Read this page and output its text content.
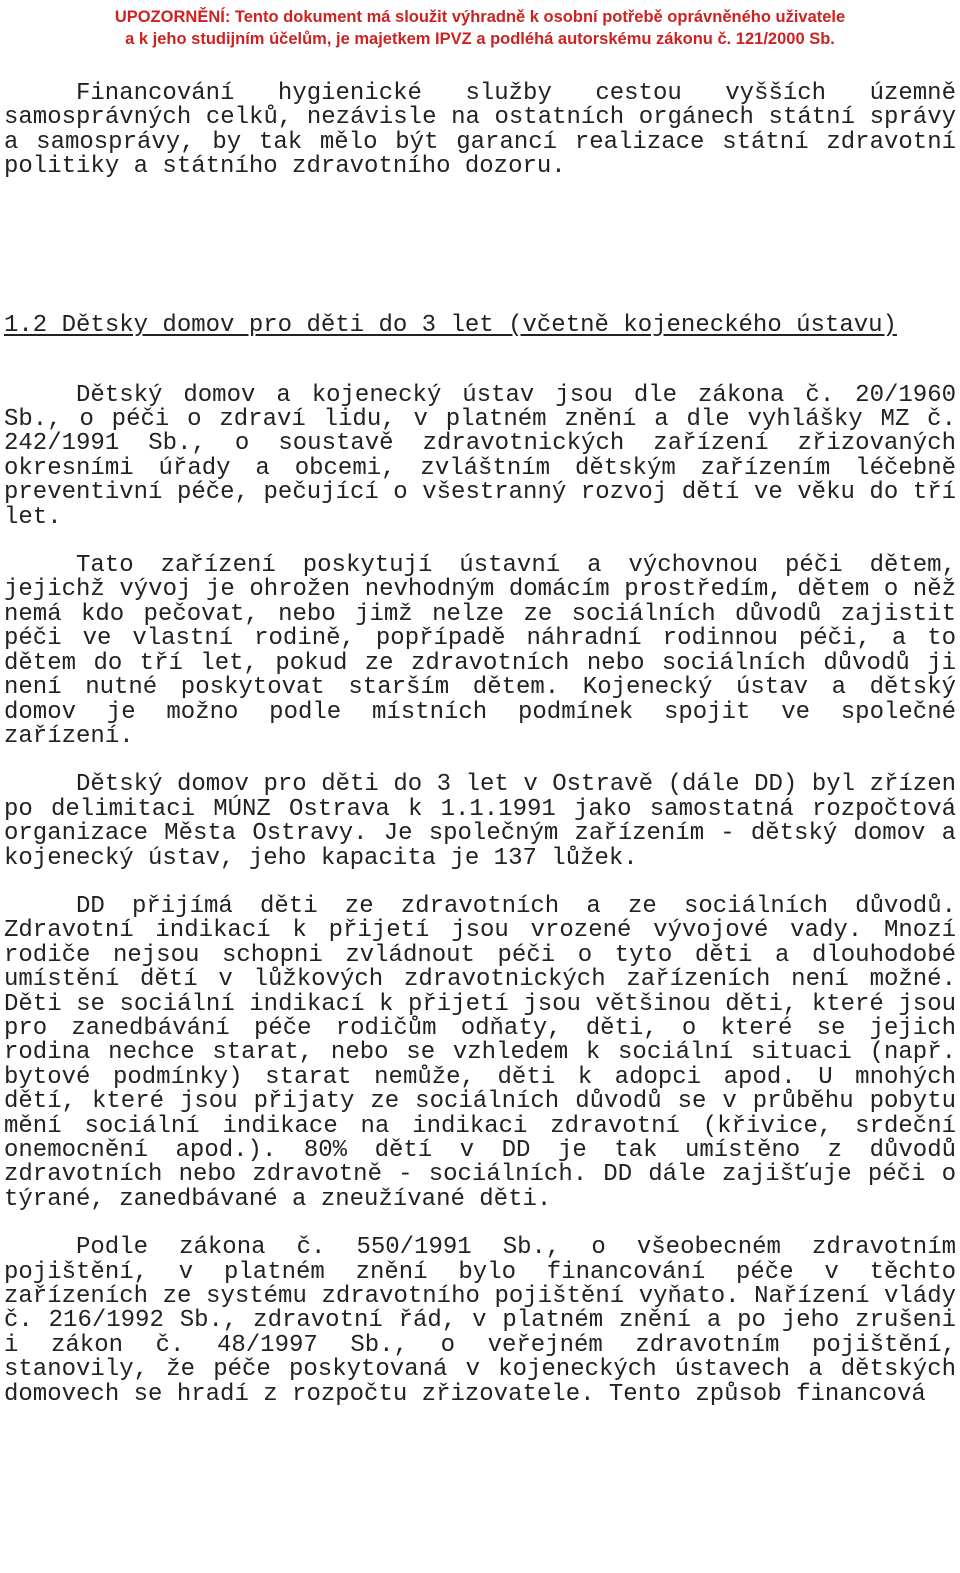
UPOZORNĚNÍ: Tento dokument má sloužit výhradně k osobní potřebě oprávněného uživatele
a k jeho studijním účelům, je majetkem IPVZ a podléhá autorskému zákonu č. 121/2000 Sb.

Financování hygienické služby cestou vyšších územně samosprávných celků, nezávisle na ostatních orgánech státní správy a samosprávy, by tak mělo být garancí realizace státní zdravotní politiky a státního zdravotního dozoru.

1.2 Dětsky domov pro děti do 3 let (včetně kojeneckého ústavu)

Dětský domov a kojenecký ústav jsou dle zákona č. 20/1960 Sb., o péči o zdraví lidu, v platném znění a dle vyhlášky MZ č. 242/1991 Sb., o soustavě zdravotnických zařízení zřizovaných okresními úřady a obcemi, zvláštním dětským zařízením léčebně preventivní péče, pečující o všestranný rozvoj dětí ve věku do tří let.

Tato zařízení poskytují ústavní a výchovnou péči dětem, jejichž vývoj je ohrožen nevhodným domácím prostředím, dětem o něž nemá kdo pečovat, nebo jimž nelze ze sociálních důvodů zajistit péči ve vlastní rodině, popřípadě náhradní rodinnou péči, a to dětem do tří let, pokud ze zdravotních nebo sociálních důvodů ji není nutné poskytovat starším dětem. Kojenecký ústav a dětský domov je možno podle místních podmínek spojit ve společné zařízení.

Dětský domov pro děti do 3 let v Ostravě (dále DD) byl zřízen po delimitaci MÚNZ Ostrava k 1.1.1991 jako samostatná rozpočtová organizace Města Ostravy. Je společným zařízením - dětský domov a kojenecký ústav, jeho kapacita je 137 lůžek.

DD přijímá děti ze zdravotních a ze sociálních důvodů. Zdravotní indikací k přijetí jsou vrozené vývojové vady. Mnozí rodiče nejsou schopni zvládnout péči o tyto děti a dlouhodobé umístění dětí v lůžkových zdravotnických zařízeních není možné. Děti se sociální indikací k přijetí jsou většinou děti, které jsou pro zanedbávání péče rodičům odňaty, děti, o které se jejich rodina nechce starat, nebo se vzhledem k sociální situaci (např. bytové podmínky) starat nemůže, děti k adopci apod. U mnohých dětí, které jsou přijaty ze sociálních důvodů se v průběhu pobytu mění sociální indikace na indikaci zdravotní (křivice, srdeční onemocnění apod.). 80% dětí v DD je tak umístěno z důvodů zdravotních nebo zdravotně - sociálních. DD dále zajišťuje péči o týrané, zanedbávané a zneužívané děti.

Podle zákona č. 550/1991 Sb., o všeobecném zdravotním pojištění, v platném znění bylo financování péče v těchto zařízeních ze systému zdravotního pojištění vyňato. Nařízení vlády č. 216/1992 Sb., zdravotní řád, v platném znění a po jeho zrušeni i zákon č. 48/1997 Sb., o veřejném zdravotním pojištění, stanovily, že péče poskytovaná v kojeneckých ústavech a dětských domovech se hradí z rozpočtu zřizovatele. Tento způsob financová
